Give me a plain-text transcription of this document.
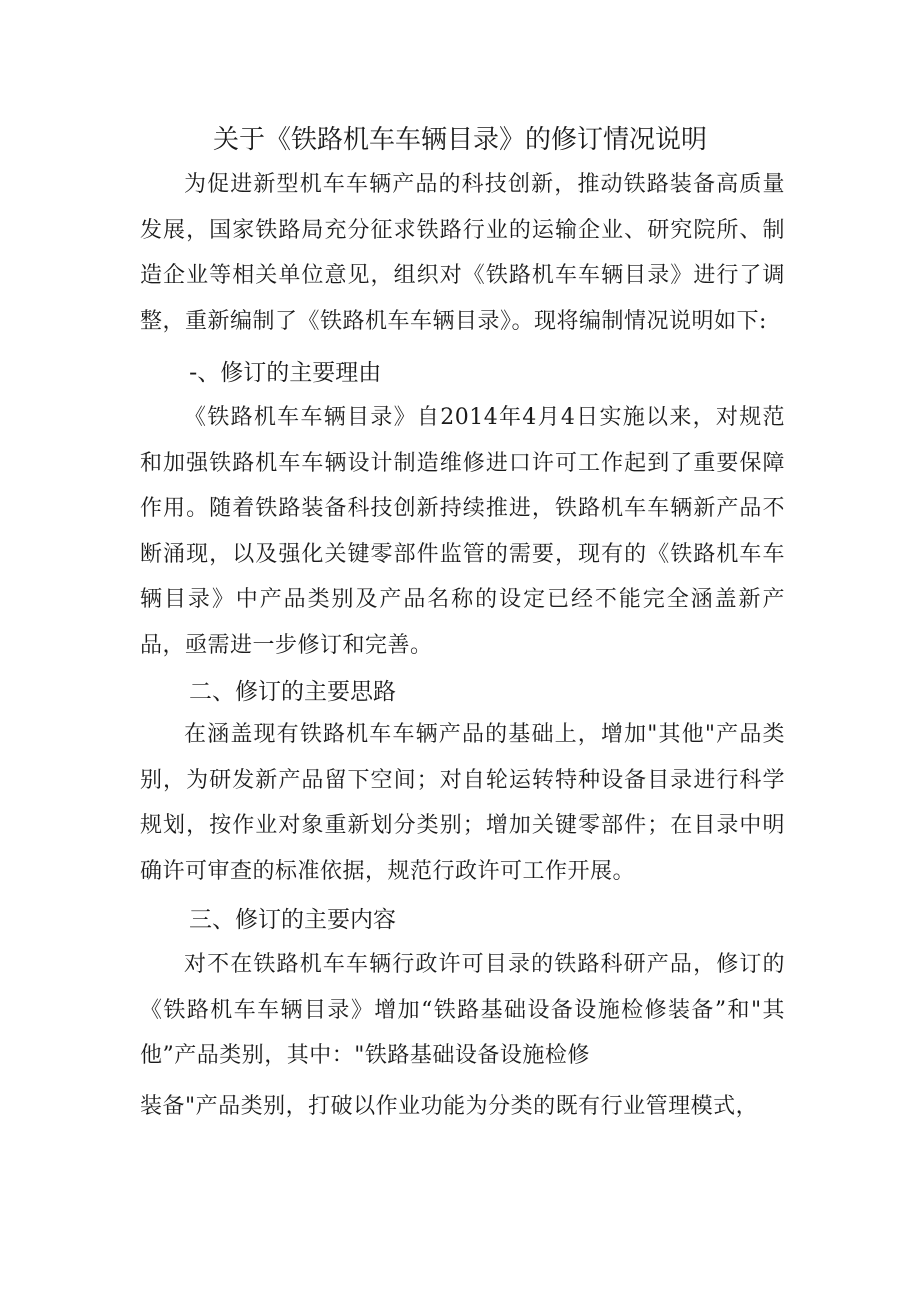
关于《铁路机车车辆目录》的修订情况说明

为促进新型机车车辆产品的科技创新，推动铁路装备高质量发展，国家铁路局充分征求铁路行业的运输企业、研究院所、制造企业等相关单位意见，组织对《铁路机车车辆目录》进行了调整，重新编制了《铁路机车车辆目录》。现将编制情况说明如下:

-、修订的主要理由

《铁路机车车辆目录》自2014年4月4日实施以来，对规范和加强铁路机车车辆设计制造维修进口许可工作起到了重要保障作用。随着铁路装备科技创新持续推进，铁路机车车辆新产品不断涌现，以及强化关键零部件监管的需要，现有的《铁路机车车辆目录》中产品类别及产品名称的设定已经不能完全涵盖新产品，亟需进一步修订和完善。

二、修订的主要思路

在涵盖现有铁路机车车辆产品的基础上，增加"其他"产品类别，为研发新产品留下空间；对自轮运转特种设备目录进行科学规划，按作业对象重新划分类别；增加关键零部件；在目录中明确许可审查的标准依据，规范行政许可工作开展。

三、修订的主要内容

对不在铁路机车车辆行政许可目录的铁路科研产品，修订的《铁路机车车辆目录》增加“铁路基础设备设施检修装备”和"其他”产品类别，其中："铁路基础设备设施检修

装备"产品类别，打破以作业功能为分类的既有行业管理模式，
